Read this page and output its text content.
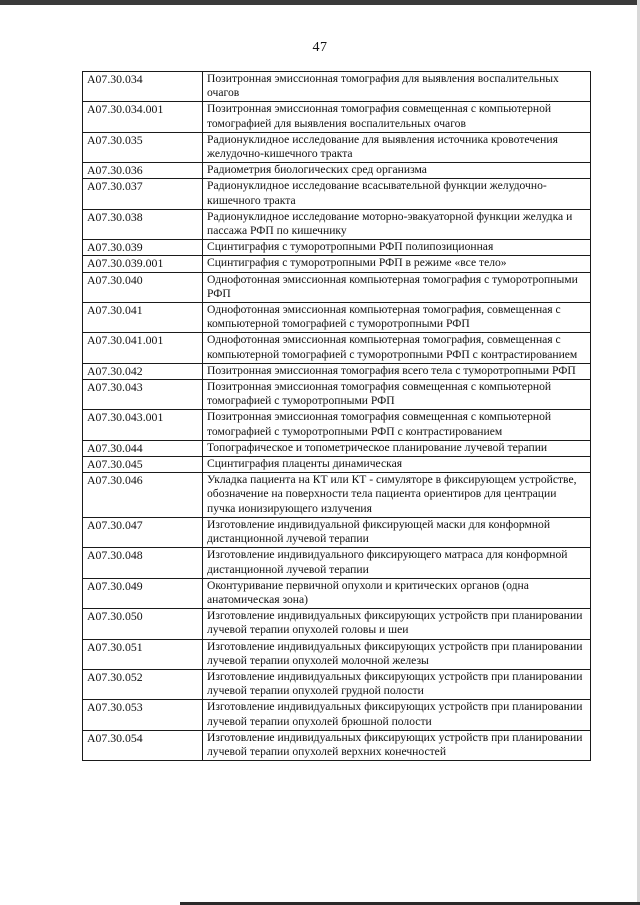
47
A07.30.034	Позитронная эмиссионная томография для выявления воспалительных очагов
A07.30.034.001	Позитронная эмиссионная томография совмещенная с компьютерной томографией для выявления воспалительных очагов
A07.30.035	Радионуклидное исследование для выявления источника кровотечения желудочно-кишечного тракта
A07.30.036	Радиометрия биологических сред организма
A07.30.037	Радионуклидное исследование всасывательной функции желудочно-кишечного тракта
A07.30.038	Радионуклидное исследование моторно-эвакуаторной функции желудка и пассажа РФП по кишечнику
A07.30.039	Сцинтиграфия с туморотропными РФП полипозиционная
A07.30.039.001	Сцинтиграфия с туморотропными РФП в режиме «все тело»
A07.30.040	Однофотонная эмиссионная компьютерная томография с туморотропными РФП
A07.30.041	Однофотонная эмиссионная компьютерная томография, совмещенная с компьютерной томографией с туморотропными РФП
A07.30.041.001	Однофотонная эмиссионная компьютерная томография, совмещенная с компьютерной томографией с туморотропными РФП с контрастированием
A07.30.042	Позитронная эмиссионная томография всего тела с туморотропными РФП
A07.30.043	Позитронная эмиссионная томография совмещенная с компьютерной томографией с туморотропными РФП
A07.30.043.001	Позитронная эмиссионная томография совмещенная с компьютерной томографией с туморотропными РФП с контрастированием
A07.30.044	Топографическое и топометрическое планирование лучевой терапии
A07.30.045	Сцинтиграфия плаценты динамическая
A07.30.046	Укладка пациента на КТ или КТ - симуляторе в фиксирующем устройстве, обозначение на поверхности тела пациента ориентиров для центрации пучка ионизирующего излучения
A07.30.047	Изготовление индивидуальной фиксирующей маски для конформной дистанционной лучевой терапии
A07.30.048	Изготовление индивидуального фиксирующего матраса для конформной дистанционной лучевой терапии
A07.30.049	Оконтуривание первичной опухоли и критических органов (одна анатомическая зона)
A07.30.050	Изготовление индивидуальных фиксирующих устройств при планировании лучевой терапии опухолей головы и шеи
A07.30.051	Изготовление индивидуальных фиксирующих устройств при планировании лучевой терапии опухолей молочной железы
A07.30.052	Изготовление индивидуальных фиксирующих устройств при планировании лучевой терапии опухолей грудной полости
A07.30.053	Изготовление индивидуальных фиксирующих устройств при планировании лучевой терапии опухолей брюшной полости
A07.30.054	Изготовление индивидуальных фиксирующих устройств при планировании лучевой терапии опухолей верхних конечностей
